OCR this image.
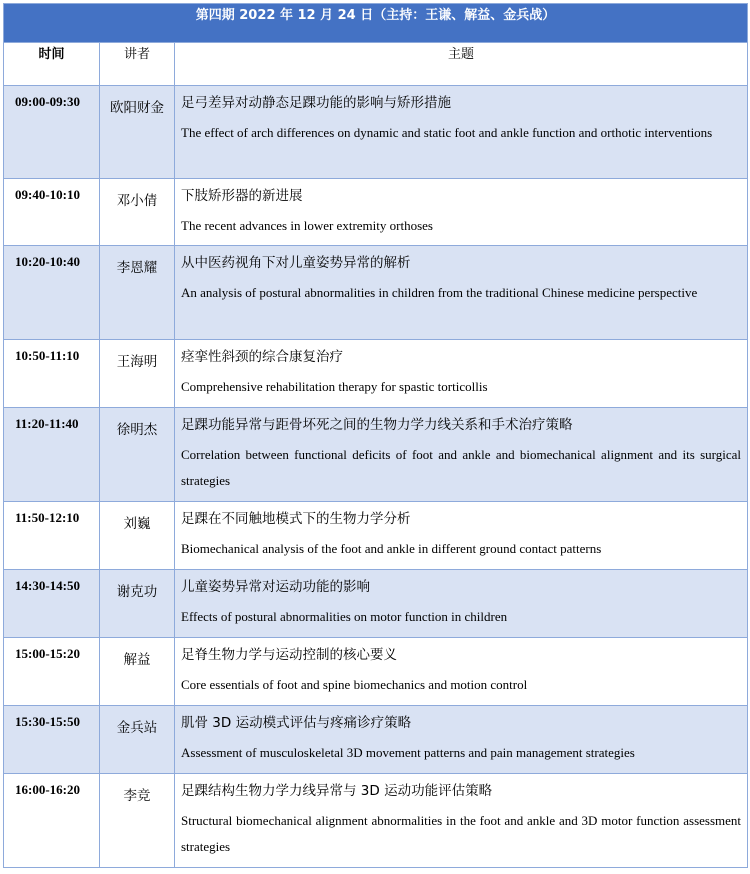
第四期 2022 年 12 月 24 日（主持：王谦、解益、金兵战）		
时间	讲者	主题
09:00-09:30	欧阳财金	足弓差异对动静态足踝功能的影响与矫形措施

The effect of arch differences on dynamic and static foot and ankle function and orthotic interventions

09:40-10:10	邓小倩	下肢矫形器的新进展

The recent advances in lower extremity orthoses

10:20-10:40	李恩耀	从中医药视角下对儿童姿势异常的解析

An analysis of postural abnormalities in children from the traditional Chinese medicine perspective

10:50-11:10	王海明	痉挛性斜颈的综合康复治疗

Comprehensive rehabilitation therapy for spastic torticollis

11:20-11:40	徐明杰	足踝功能异常与距骨坏死之间的生物力学力线关系和手术治疗策略

Correlation between functional deficits of foot and ankle and biomechanical alignment and its surgical strategies

11:50-12:10	刘巍	足踝在不同触地模式下的生物力学分析

Biomechanical analysis of the foot and ankle in different ground contact patterns

14:30-14:50	谢克功	儿童姿势异常对运动功能的影响

Effects of postural abnormalities on motor function in children

15:00-15:20	解益	足脊生物力学与运动控制的核心要义

Core essentials of foot and spine biomechanics and motion control

15:30-15:50	金兵站	肌骨 3D 运动模式评估与疼痛诊疗策略

Assessment of musculoskeletal 3D movement patterns and pain management strategies

16:00-16:20	李竞	足踝结构生物力学力线异常与 3D 运动功能评估策略

Structural biomechanical alignment abnormalities in the foot and ankle and 3D motor function assessment strategies
